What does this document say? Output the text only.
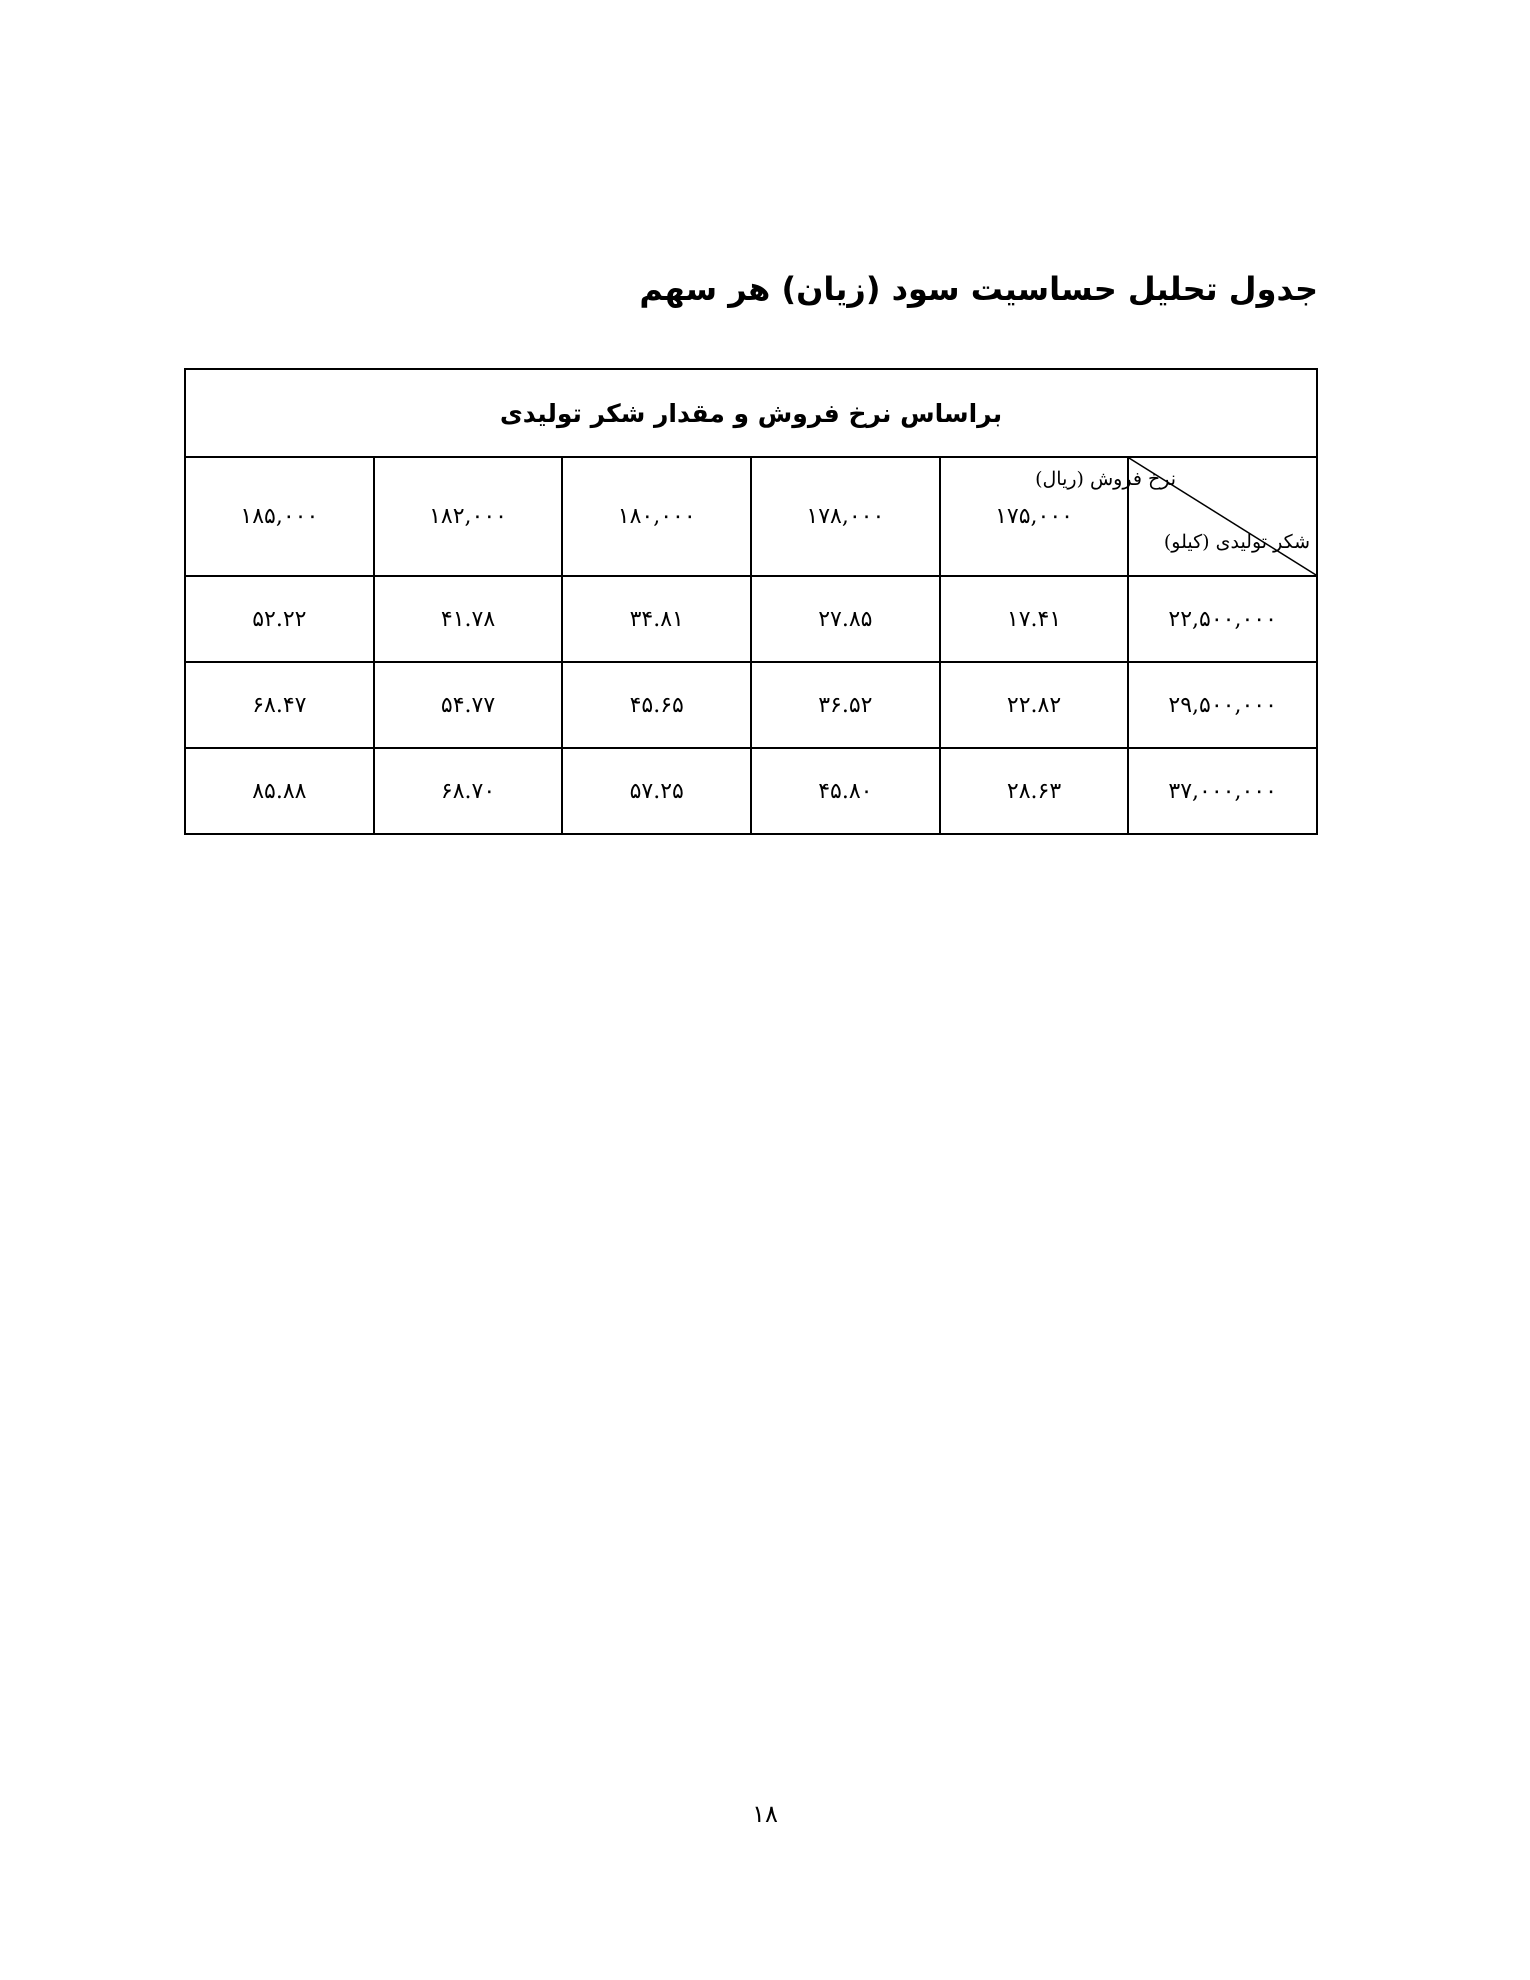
جدول تحلیل حساسیت سود (زیان) هر سهم
براساس نرخ فروش و مقدار شکر تولیدی					

نرخ فروش (ریال)
شکر تولیدی (کیلو)	۱۷۵,۰۰۰	۱۷۸,۰۰۰	۱۸۰,۰۰۰	۱۸۲,۰۰۰	۱۸۵,۰۰۰
۲۲,۵۰۰,۰۰۰	۱۷.۴۱	۲۷.۸۵	۳۴.۸۱	۴۱.۷۸	۵۲.۲۲
۲۹,۵۰۰,۰۰۰	۲۲.۸۲	۳۶.۵۲	۴۵.۶۵	۵۴.۷۷	۶۸.۴۷
۳۷,۰۰۰,۰۰۰	۲۸.۶۳	۴۵.۸۰	۵۷.۲۵	۶۸.۷۰	۸۵.۸۸
۱۸
